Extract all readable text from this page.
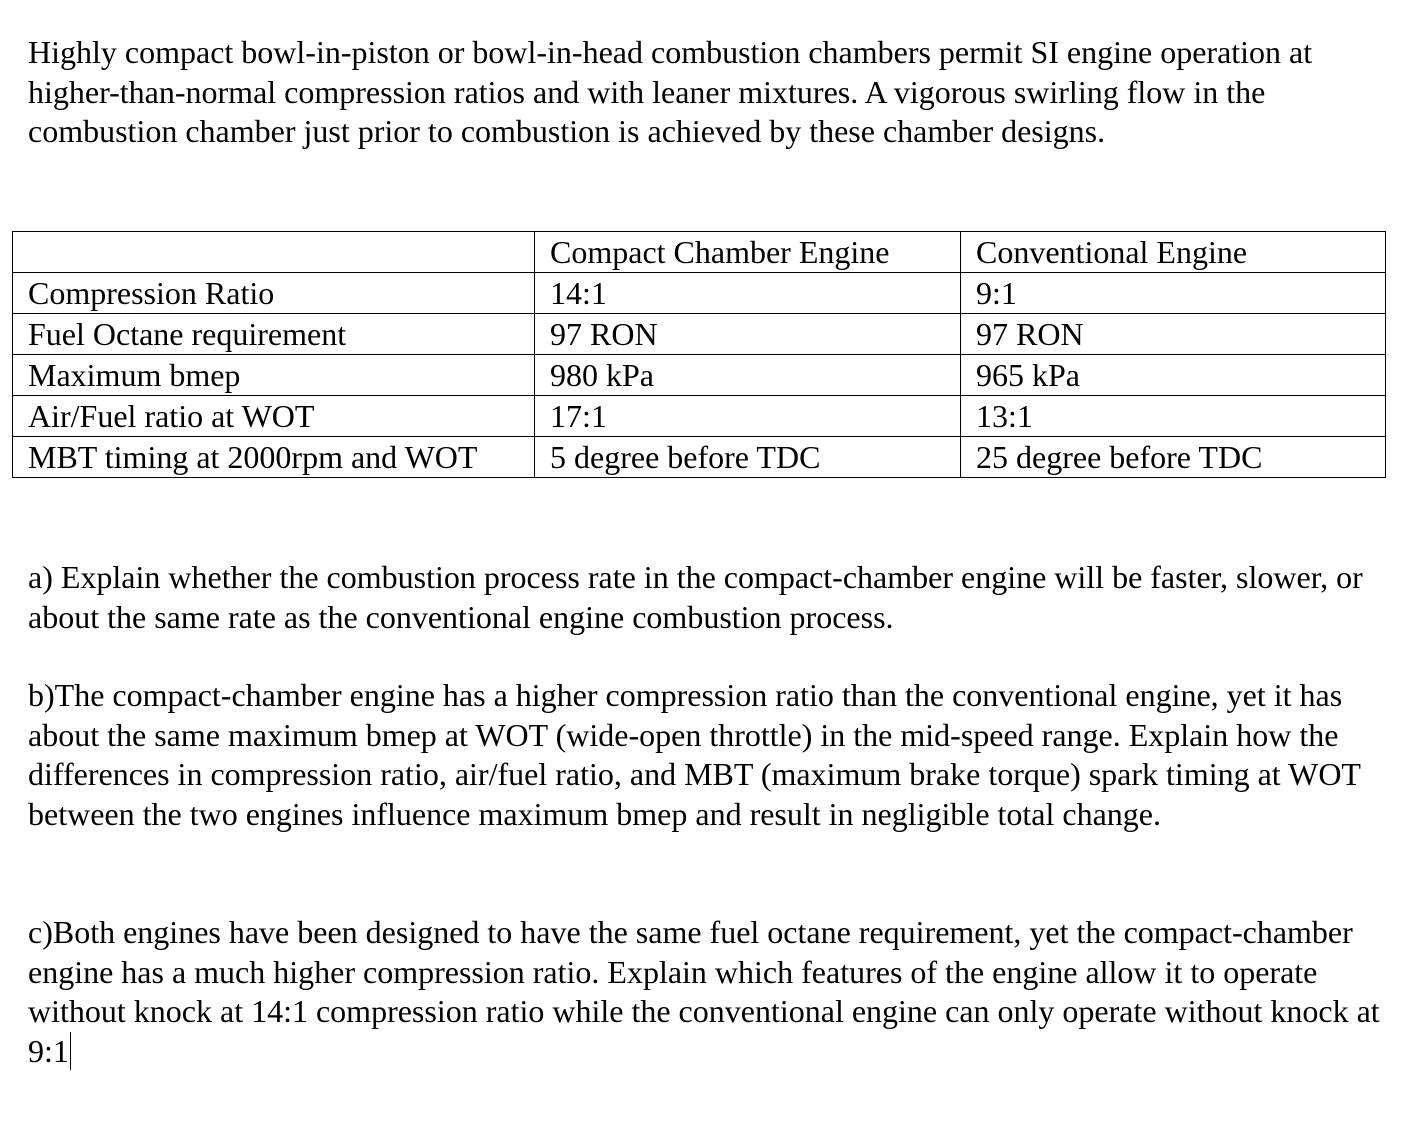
Highly compact bowl-in-piston or bowl-in-head combustion chambers permit SI engine operation at higher-than-normal compression ratios and with leaner mixtures. A vigorous swirling flow in the combustion chamber just prior to combustion is achieved by these chamber designs.

	Compact Chamber Engine	Conventional Engine
Compression Ratio	14:1	9:1
Fuel Octane requirement	97 RON	97 RON
Maximum bmep	980 kPa	965 kPa
Air/Fuel ratio at WOT	17:1	13:1
MBT timing at 2000rpm and WOT	5 degree before TDC	25 degree before TDC

a) Explain whether the combustion process rate in the compact-chamber engine will be faster, slower, or about the same rate as the conventional engine combustion process.

b)The compact-chamber engine has a higher compression ratio than the conventional engine, yet it has about the same maximum bmep at WOT (wide-open throttle) in the mid-speed range. Explain how the differences in compression ratio, air/fuel ratio, and MBT (maximum brake torque) spark timing at WOT between the two engines influence maximum bmep and result in negligible total change.

c)Both engines have been designed to have the same fuel octane requirement, yet the compact-chamber engine has a much higher compression ratio. Explain which features of the engine allow it to operate without knock at 14:1 compression ratio while the conventional engine can only operate without knock at 9:1
